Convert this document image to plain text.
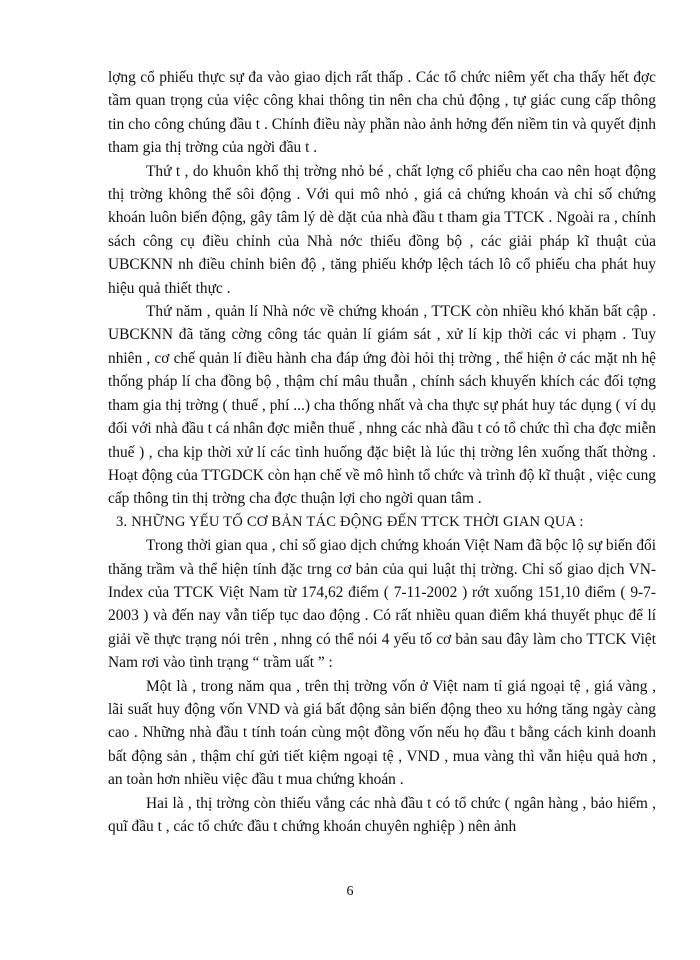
lợng cổ phiếu thực sự đa vào giao dịch rất thấp . Các tổ chức niêm yết cha thấy hết đợc tầm quan trọng của việc công khai thông tin nên cha chủ động , tự giác cung cấp thông tin cho công chúng đầu t . Chính điều này phần nào ảnh hởng đến niềm tin và quyết định tham gia thị trờng của ngời đầu t .

Thứ t , do khuôn khổ thị trờng nhỏ bé , chất lợng cổ phiếu cha cao nên hoạt động thị trờng không thể sôi động . Với qui mô nhỏ , giá cả chứng khoán và chỉ số chứng khoán luôn biến động, gây tâm lý dè dặt của nhà đầu t tham gia TTCK . Ngoài ra , chính sách công cụ điều chỉnh của Nhà nớc thiếu đồng bộ , các giải pháp kĩ thuật của UBCKNN nh điều chỉnh biên độ , tăng phiếu khớp lệch tách lô cổ phiếu cha phát huy hiệu quả thiết thực .

Thứ năm , quản lí Nhà nớc về chứng khoán , TTCK còn nhiều khó khăn bất cập . UBCKNN đã tăng cờng công tác quản lí giám sát , xử lí kịp thời các vi phạm . Tuy nhiên , cơ chế quản lí điều hành cha đáp ứng đòi hỏi thị trờng , thể hiện ở các mặt nh hệ thống pháp lí cha đồng bộ , thậm chí mâu thuẫn , chính sách khuyến khích các đối tợng tham gia thị trờng ( thuế , phí ...) cha thống nhất và cha thực sự phát huy tác dụng ( ví dụ đối với nhà đầu t cá nhân đợc miễn thuế , nhng các nhà đầu t có tổ chức thì cha đợc miễn thuế ) , cha kịp thời xử lí các tình huống đặc biệt là lúc thị trờng lên xuống thất thờng . Hoạt động của TTGDCK còn hạn chế về mô hình tổ chức và trình độ kĩ thuật , việc cung cấp thông tin thị trờng cha đợc thuận lợi cho ngời quan tâm .

3. NHỮNG YẾU TỐ CƠ BẢN TÁC ĐỘNG ĐẾN TTCK THỜI GIAN QUA :

Trong thời gian qua , chỉ số giao dịch chứng khoán Việt Nam đã bộc lộ sự biến đổi thăng trầm và thể hiện tính đặc trng cơ bản của qui luật thị trờng. Chỉ số giao dịch VN- Index của TTCK Việt Nam từ 174,62 điểm ( 7-11-2002 ) rớt xuống 151,10 điểm ( 9-7-2003 ) và đến nay vẫn tiếp tục dao động . Có rất nhiều quan điểm khá thuyết phục để lí giải về thực trạng nói trên , nhng có thể nói 4 yếu tố cơ bản sau đây làm cho TTCK Việt Nam rơi vào tình trạng “ trầm uất ” :

Một là , trong năm qua , trên thị trờng vốn ở Việt nam tỉ giá ngoại tệ , giá vàng , lãi suất huy động vốn VND và giá bất động sản biến động theo xu hớng tăng ngày càng cao . Những nhà đầu t tính toán cùng một đồng vốn nếu họ đầu t bằng cách kinh doanh bất động sản , thậm chí gửi tiết kiệm ngoại tệ , VND , mua vàng thì vẫn hiệu quả hơn , an toàn hơn nhiều việc đầu t mua chứng khoán .

Hai là , thị trờng còn thiếu vắng các nhà đầu t có tổ chức ( ngân hàng , bảo hiểm , quĩ đầu t , các tổ chức đầu t chứng khoán chuyên nghiệp ) nên ảnh

6
